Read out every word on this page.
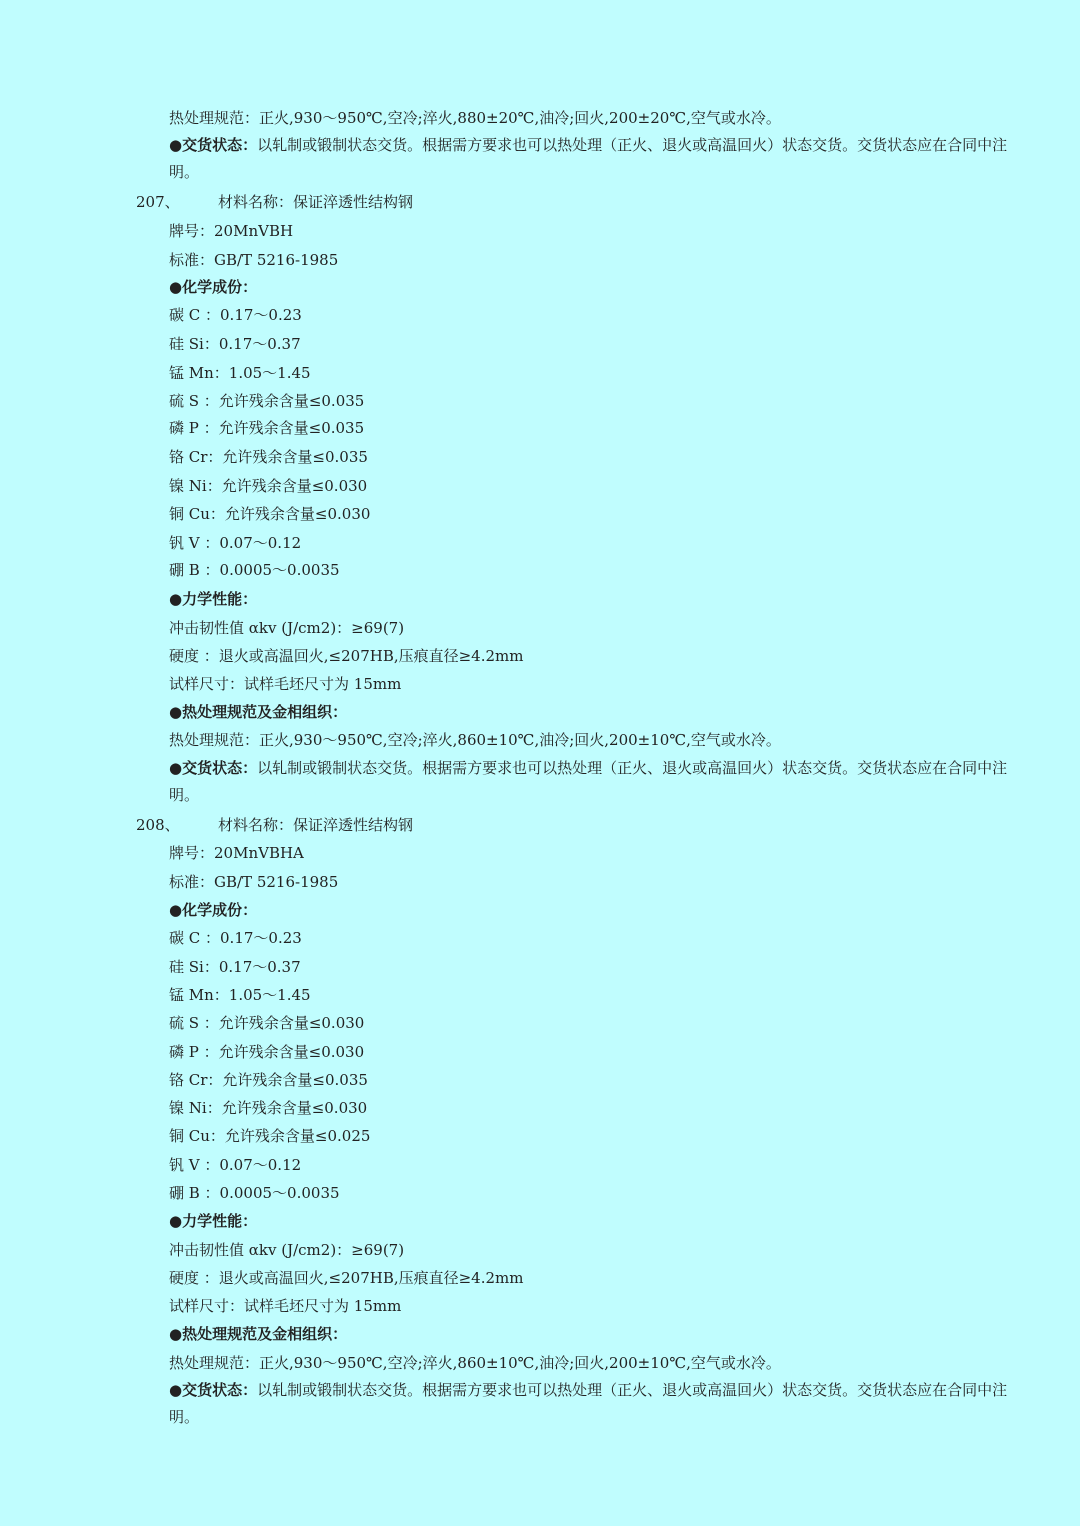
热处理规范：正火,930～950℃,空冷;淬火,880±20℃,油冷;回火,200±20℃,空气或水冷。
●交货状态：以轧制或锻制状态交货。根据需方要求也可以热处理（正火、退火或高温回火）状态交货。交货状态应在合同中注明。
207、	材料名称：保证淬透性结构钢
牌号：20MnVBH
标准：GB/T 5216-1985
●化学成份：
碳 C ：0.17～0.23
硅 Si：0.17～0.37
锰 Mn：1.05～1.45
硫 S ：允许残余含量≤0.035
磷 P ：允许残余含量≤0.035
铬 Cr：允许残余含量≤0.035
镍 Ni：允许残余含量≤0.030
铜 Cu：允许残余含量≤0.030
钒 V ：0.07～0.12
硼 B ：0.0005～0.0035
●力学性能：
冲击韧性值 αkv (J/cm2)：≥69(7)
硬度 ：退火或高温回火,≤207HB,压痕直径≥4.2mm
试样尺寸：试样毛坯尺寸为 15mm
●热处理规范及金相组织：
热处理规范：正火,930～950℃,空冷;淬火,860±10℃,油冷;回火,200±10℃,空气或水冷。
●交货状态：以轧制或锻制状态交货。根据需方要求也可以热处理（正火、退火或高温回火）状态交货。交货状态应在合同中注明。
208、	材料名称：保证淬透性结构钢
牌号：20MnVBHA
标准：GB/T 5216-1985
●化学成份：
碳 C ：0.17～0.23
硅 Si：0.17～0.37
锰 Mn：1.05～1.45
硫 S ：允许残余含量≤0.030
磷 P ：允许残余含量≤0.030
铬 Cr：允许残余含量≤0.035
镍 Ni：允许残余含量≤0.030
铜 Cu：允许残余含量≤0.025
钒 V ：0.07～0.12
硼 B ：0.0005～0.0035
●力学性能：
冲击韧性值 αkv (J/cm2)：≥69(7)
硬度 ：退火或高温回火,≤207HB,压痕直径≥4.2mm
试样尺寸：试样毛坯尺寸为 15mm
●热处理规范及金相组织：
热处理规范：正火,930～950℃,空冷;淬火,860±10℃,油冷;回火,200±10℃,空气或水冷。
●交货状态：以轧制或锻制状态交货。根据需方要求也可以热处理（正火、退火或高温回火）状态交货。交货状态应在合同中注明。
